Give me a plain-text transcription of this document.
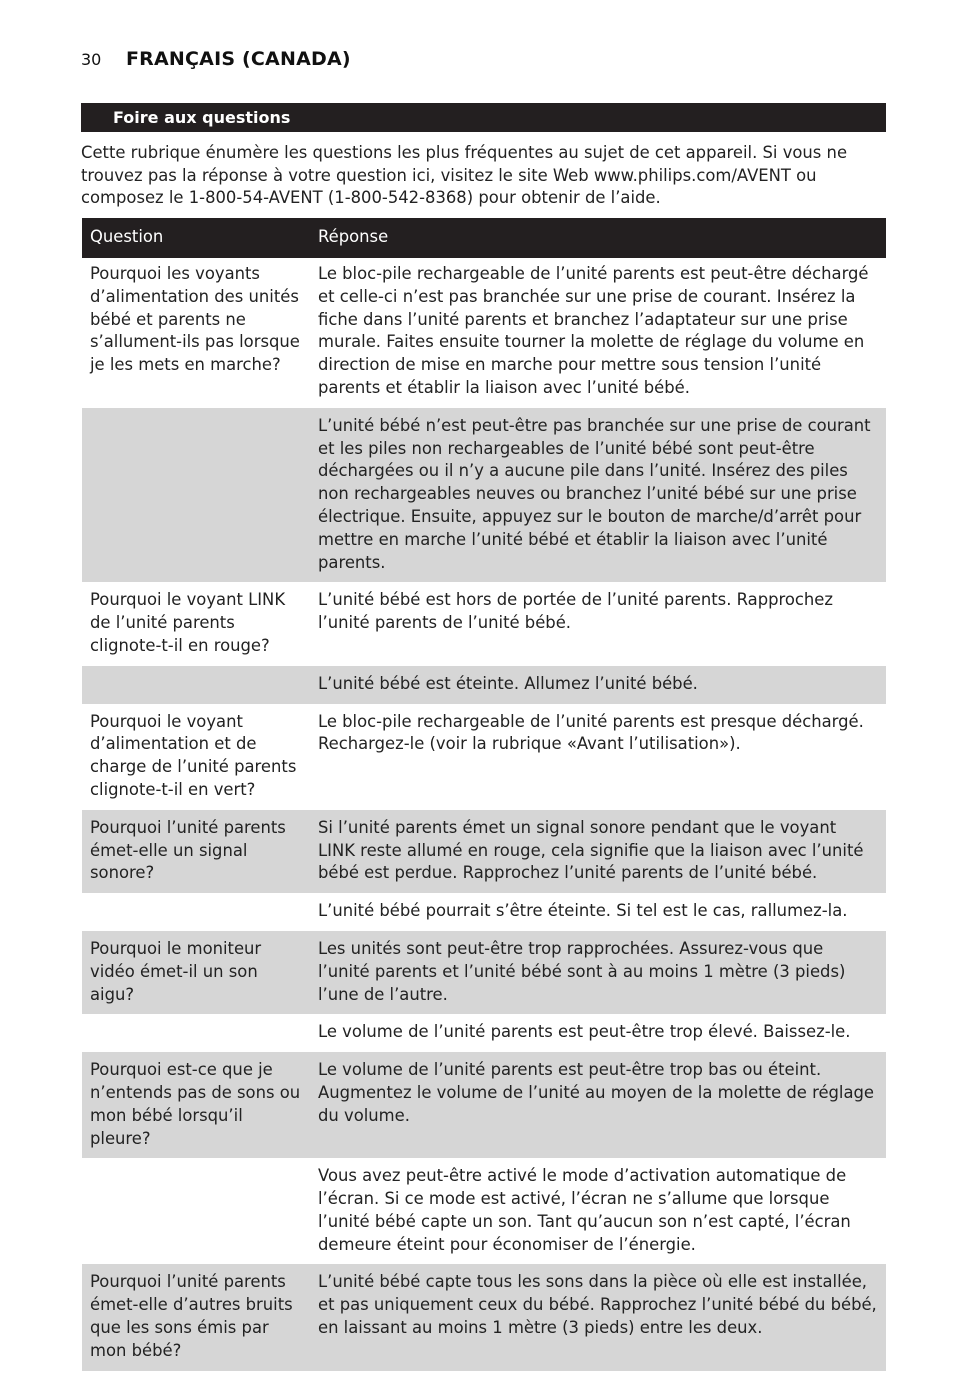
30	FRANÇAIS (CANADA)
Foire aux questions

Cette rubrique énumère les questions les plus fréquentes au sujet de cet appareil. Si vous ne trouvez pas la réponse à votre question ici, visitez le site Web www.philips.com/AVENT ou composez le 1-800-54-AVENT (1-800-542-8368) pour obtenir de l’aide.

Question	Réponse
Pourquoi les voyants d’alimentation des unités bébé et parents ne s’allument-ils pas lorsque je les mets en marche?	Le bloc-pile rechargeable de l’unité parents est peut-être déchargé et celle-ci n’est pas branchée sur une prise de courant. Insérez la fiche dans l’unité parents et branchez l’adaptateur sur une prise murale. Faites ensuite tourner la molette de réglage du volume en direction de mise en marche pour mettre sous tension l’unité parents et établir la liaison avec l’unité bébé.
	L’unité bébé n’est peut-être pas branchée sur une prise de courant et les piles non rechargeables de l’unité bébé sont peut-être déchargées ou il n’y a aucune pile dans l’unité. Insérez des piles non rechargeables neuves ou branchez l’unité bébé sur une prise électrique. Ensuite, appuyez sur le bouton de marche/d’arrêt pour mettre en marche l’unité bébé et établir la liaison avec l’unité parents.
Pourquoi le voyant LINK de l’unité parents clignote-t-il en rouge?	L’unité bébé est hors de portée de l’unité parents. Rapprochez l’unité parents de l’unité bébé.
	L’unité bébé est éteinte. Allumez l’unité bébé.
Pourquoi le voyant d’alimentation et de charge de l’unité parents clignote-t-il en vert?	Le bloc-pile rechargeable de l’unité parents est presque déchargé. Rechargez-le (voir la rubrique «Avant l’utilisation»).
Pourquoi l’unité parents émet-elle un signal sonore?	Si l’unité parents émet un signal sonore pendant que le voyant LINK reste allumé en rouge, cela signifie que la liaison avec l’unité bébé est perdue. Rapprochez l’unité parents de l’unité bébé.
	L’unité bébé pourrait s’être éteinte. Si tel est le cas, rallumez-la.
Pourquoi le moniteur vidéo émet-il un son aigu?	Les unités sont peut-être trop rapprochées. Assurez-vous que l’unité parents et l’unité bébé sont à au moins 1 mètre (3 pieds) l’une de l’autre.
	Le volume de l’unité parents est peut-être trop élevé. Baissez-le.
Pourquoi est-ce que je n’entends pas de sons ou mon bébé lorsqu’il pleure?	Le volume de l’unité parents est peut-être trop bas ou éteint. Augmentez le volume de l’unité au moyen de la molette de réglage du volume.
	Vous avez peut-être activé le mode d’activation automatique de l’écran. Si ce mode est activé, l’écran ne s’allume que lorsque l’unité bébé capte un son. Tant qu’aucun son n’est capté, l’écran demeure éteint pour économiser de l’énergie.
Pourquoi l’unité parents émet-elle d’autres bruits que les sons émis par mon bébé?	L’unité bébé capte tous les sons dans la pièce où elle est installée, et pas uniquement ceux du bébé. Rapprochez l’unité bébé du bébé, en laissant au moins 1 mètre (3 pieds) entre les deux.
